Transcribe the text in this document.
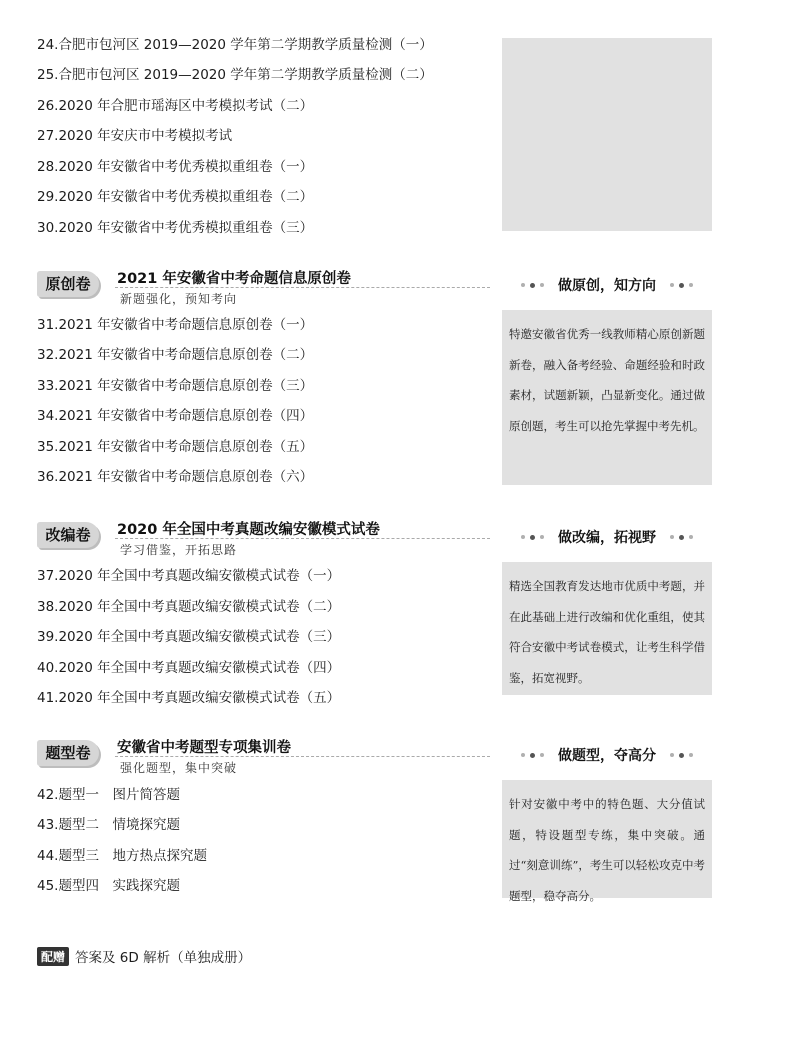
24.合肥市包河区 2019—2020 学年第二学期教学质量检测（一）
25.合肥市包河区 2019—2020 学年第二学期教学质量检测（二）
26.2020 年合肥市瑶海区中考模拟考试（二）
27.2020 年安庆市中考模拟考试
28.2020 年安徽省中考优秀模拟重组卷（一）
29.2020 年安徽省中考优秀模拟重组卷（二）
30.2020 年安徽省中考优秀模拟重组卷（三）
原创卷	2021 年安徽省中考命题信息原创卷
新题强化，预知考向
31.2021 年安徽省中考命题信息原创卷（一）
32.2021 年安徽省中考命题信息原创卷（二）
33.2021 年安徽省中考命题信息原创卷（三）
34.2021 年安徽省中考命题信息原创卷（四）
35.2021 年安徽省中考命题信息原创卷（五）
36.2021 年安徽省中考命题信息原创卷（六）
做原创，知方向

特邀安徽省优秀一线教师精心原创新题新卷，融入备考经验、命题经验和时政素材，试题新颖，凸显新变化。通过做原创题，考生可以抢先掌握中考先机。

改编卷	2020 年全国中考真题改编安徽模式试卷
学习借鉴，开拓思路
37.2020 年全国中考真题改编安徽模式试卷（一）
38.2020 年全国中考真题改编安徽模式试卷（二）
39.2020 年全国中考真题改编安徽模式试卷（三）
40.2020 年全国中考真题改编安徽模式试卷（四）
41.2020 年全国中考真题改编安徽模式试卷（五）
做改编，拓视野

精选全国教育发达地市优质中考题，并在此基础上进行改编和优化重组，使其符合安徽中考试卷模式，让考生科学借鉴，拓宽视野。

题型卷	安徽省中考题型专项集训卷
强化题型，集中突破
42.题型一　图片简答题
43.题型二　情境探究题
44.题型三　地方热点探究题
45.题型四　实践探究题
做题型，夺高分

针对安徽中考中的特色题、大分值试题，特设题型专练，集中突破。通过“刻意训练”，考生可以轻松攻克中考题型，稳夺高分。

配赠 答案及 6D 解析（单独成册）
